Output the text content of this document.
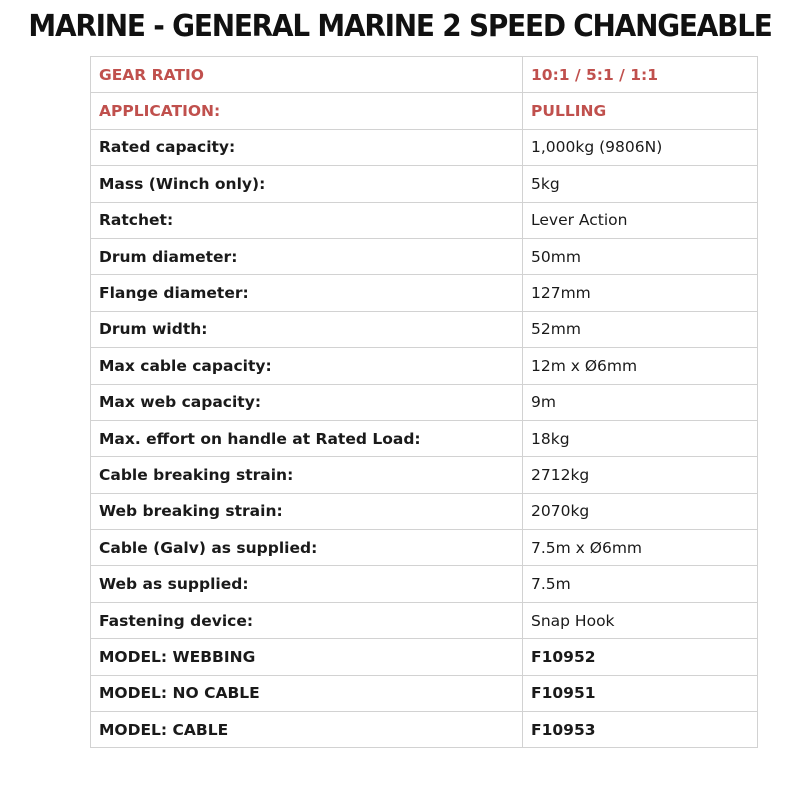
MARINE - GENERAL MARINE 2 SPEED CHANGEABLE
GEAR RATIO	10:1 / 5:1 / 1:1
APPLICATION:	PULLING
Rated capacity:	1,000kg (9806N)
Mass (Winch only):	5kg
Ratchet:	Lever Action
Drum diameter:	50mm
Flange diameter:	127mm
Drum width:	52mm
Max cable capacity:	12m x Ø6mm
Max web capacity:	9m
Max. effort on handle at Rated Load:	18kg
Cable breaking strain:	2712kg
Web breaking strain:	2070kg
Cable (Galv) as supplied:	7.5m x Ø6mm
Web as supplied:	7.5m
Fastening device:	Snap Hook
MODEL: WEBBING	F10952
MODEL: NO CABLE	F10951
MODEL: CABLE	F10953
